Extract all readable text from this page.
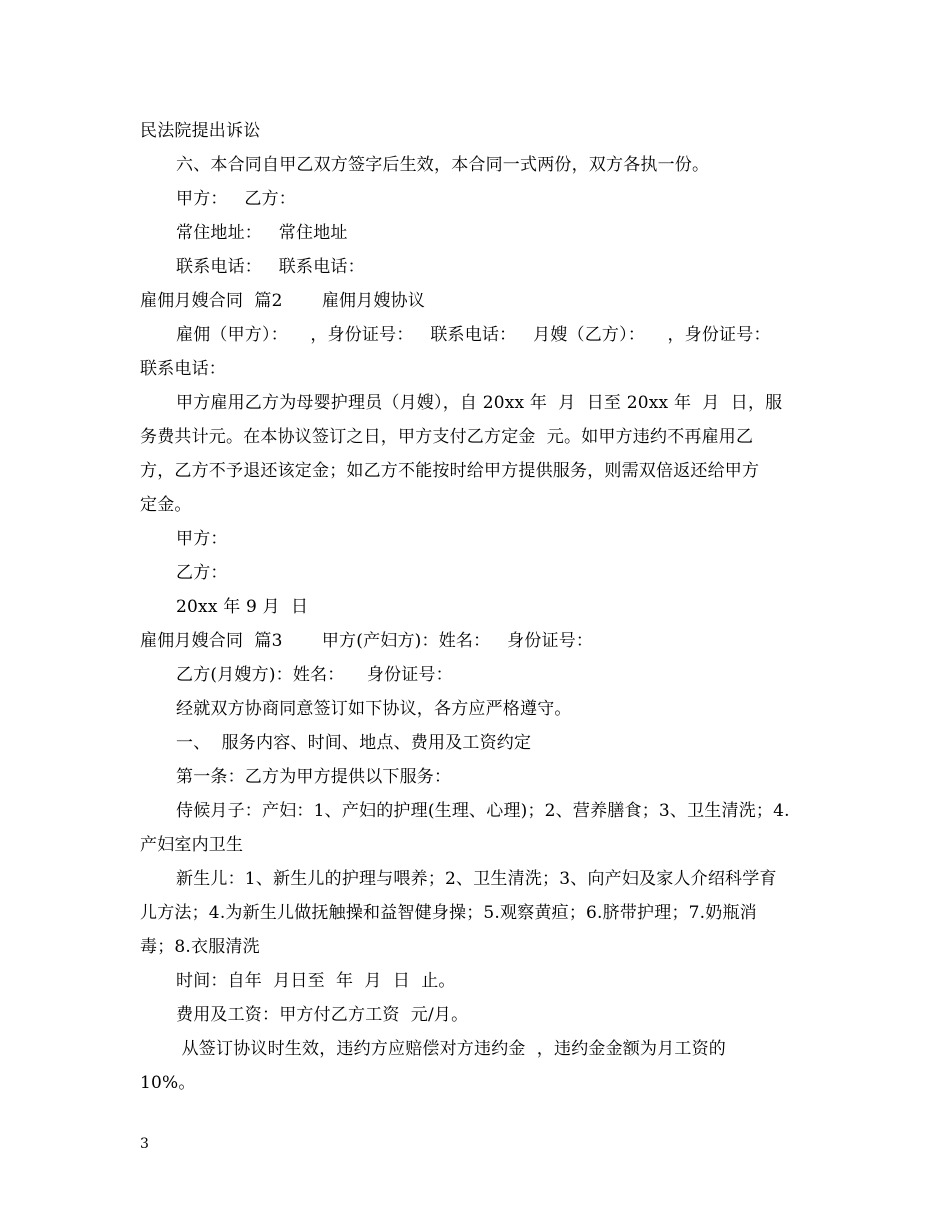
民法院提出诉讼
六、本合同自甲乙双方签字后生效，本合同一式两份，双方各执一份。
甲方：   乙方：
常住地址：   常住地址
联系电话：   联系电话：
雇佣月嫂合同  篇2       雇佣月嫂协议
雇佣（甲方）：    ，身份证号：   联系电话：   月嫂（乙方）：    ，身份证号：
联系电话：
甲方雇用乙方为母婴护理员（月嫂），自 20xx 年  月  日至 20xx 年  月  日，服
务费共计元。在本协议签订之日，甲方支付乙方定金  元。如甲方违约不再雇用乙
方，乙方不予退还该定金；如乙方不能按时给甲方提供服务，则需双倍返还给甲方
定金。
甲方：
乙方：
20xx 年 9 月  日
雇佣月嫂合同  篇3       甲方(产妇方)：姓名：   身份证号：
乙方(月嫂方)：姓名：    身份证号：
经就双方协商同意签订如下协议，各方应严格遵守。
一、  服务内容、时间、地点、费用及工资约定
第一条：乙方为甲方提供以下服务：
侍候月子：产妇：1、产妇的护理(生理、心理)；2、营养膳食；3、卫生清洗；4.
产妇室内卫生
新生儿：1、新生儿的护理与喂养；2、卫生清洗；3、向产妇及家人介绍科学育
儿方法；4.为新生儿做抚触操和益智健身操；5.观察黄疸；6.脐带护理；7.奶瓶消
毒；8.衣服清洗
时间：自年  月日至  年  月  日  止。
费用及工资：甲方付乙方工资  元/月。
从签订协议时生效，违约方应赔偿对方违约金  ，违约金金额为月工资的
10%。
3
